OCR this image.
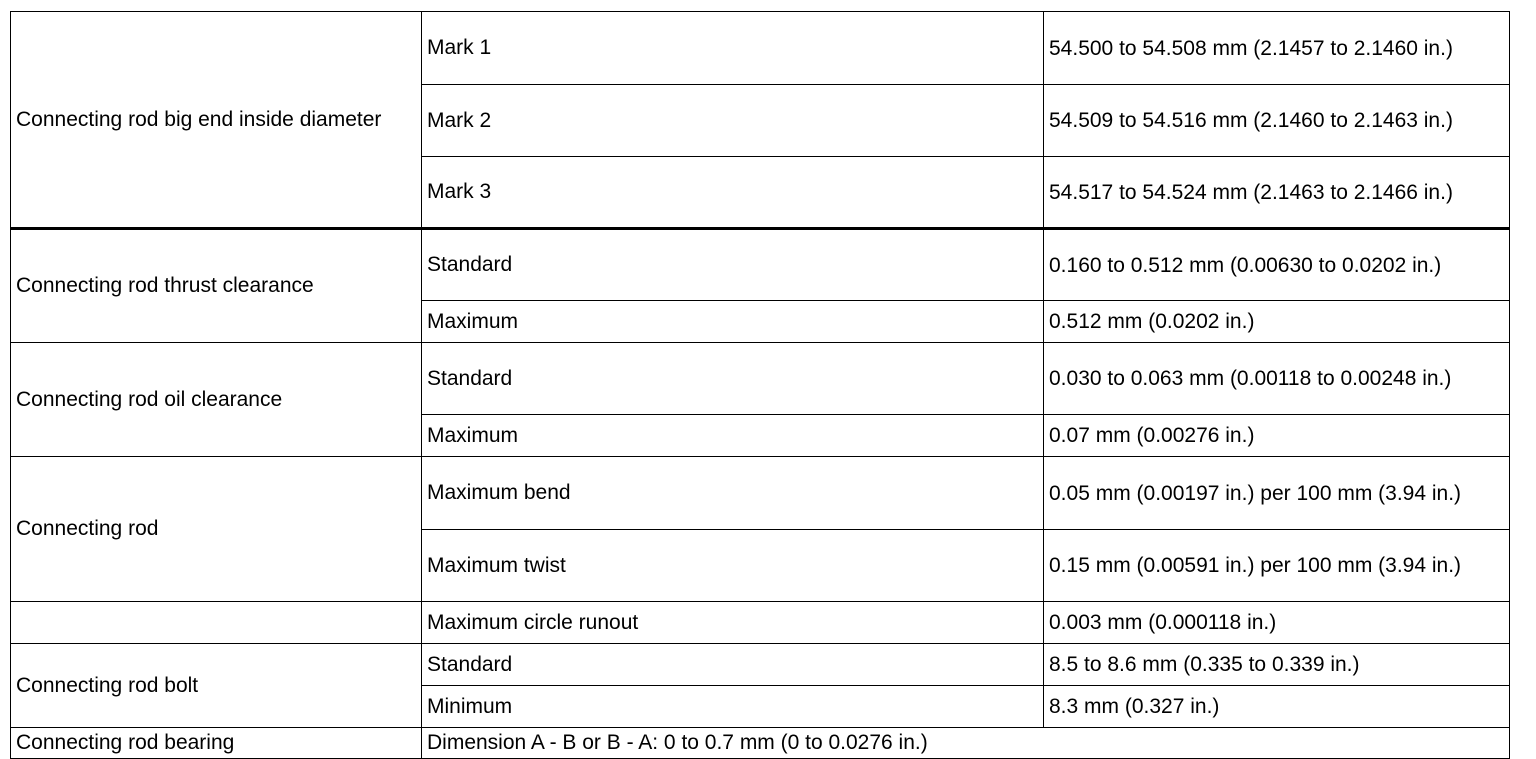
Connecting rod big end inside diameter	Mark 1	54.500 to 54.508 mm (2.1457 to 2.1460 in.)
	Mark 2	54.509 to 54.516 mm (2.1460 to 2.1463 in.)
	Mark 3	54.517 to 54.524 mm (2.1463 to 2.1466 in.)
Connecting rod thrust clearance	Standard	0.160 to 0.512 mm (0.00630 to 0.0202 in.)
	Maximum	0.512 mm (0.0202 in.)
Connecting rod oil clearance	Standard	0.030 to 0.063 mm (0.00118 to 0.00248 in.)
	Maximum	0.07 mm (0.00276 in.)
Connecting rod	Maximum bend	0.05 mm (0.00197 in.) per 100 mm (3.94 in.)
	Maximum twist	0.15 mm (0.00591 in.) per 100 mm (3.94 in.)
	Maximum circle runout	0.003 mm (0.000118 in.)
Connecting rod bolt	Standard	8.5 to 8.6 mm (0.335 to 0.339 in.)
	Minimum	8.3 mm (0.327 in.)
Connecting rod bearing	Dimension A - B or B - A: 0 to 0.7 mm (0 to 0.0276 in.)	
